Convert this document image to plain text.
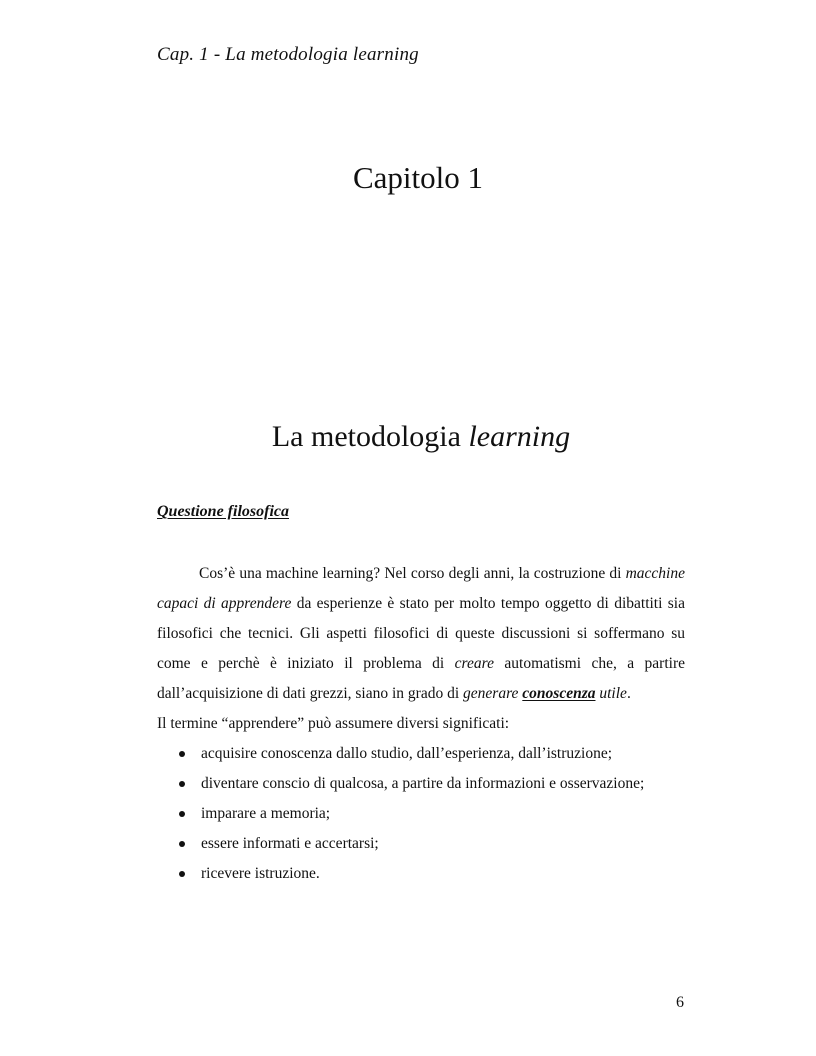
Cap. 1 - La metodologia learning
Capitolo 1
La metodologia learning
Questione filosofica

Cos’è una machine learning? Nel corso degli anni, la costruzione di macchine capaci di apprendere da esperienze è stato per molto tempo oggetto di dibattiti sia filosofici che tecnici. Gli aspetti filosofici di queste discussioni si soffermano su come e perchè è iniziato il problema di creare automatismi che, a partire dall’acquisizione di dati grezzi, siano in grado di generare conoscenza utile.

Il termine “apprendere” può assumere diversi significati:

acquisire conoscenza dallo studio, dall’esperienza, dall’istruzione;
diventare conscio di qualcosa, a partire da informazioni e osservazione;
imparare a memoria;
essere informati e accertarsi;
ricevere istruzione.
6
